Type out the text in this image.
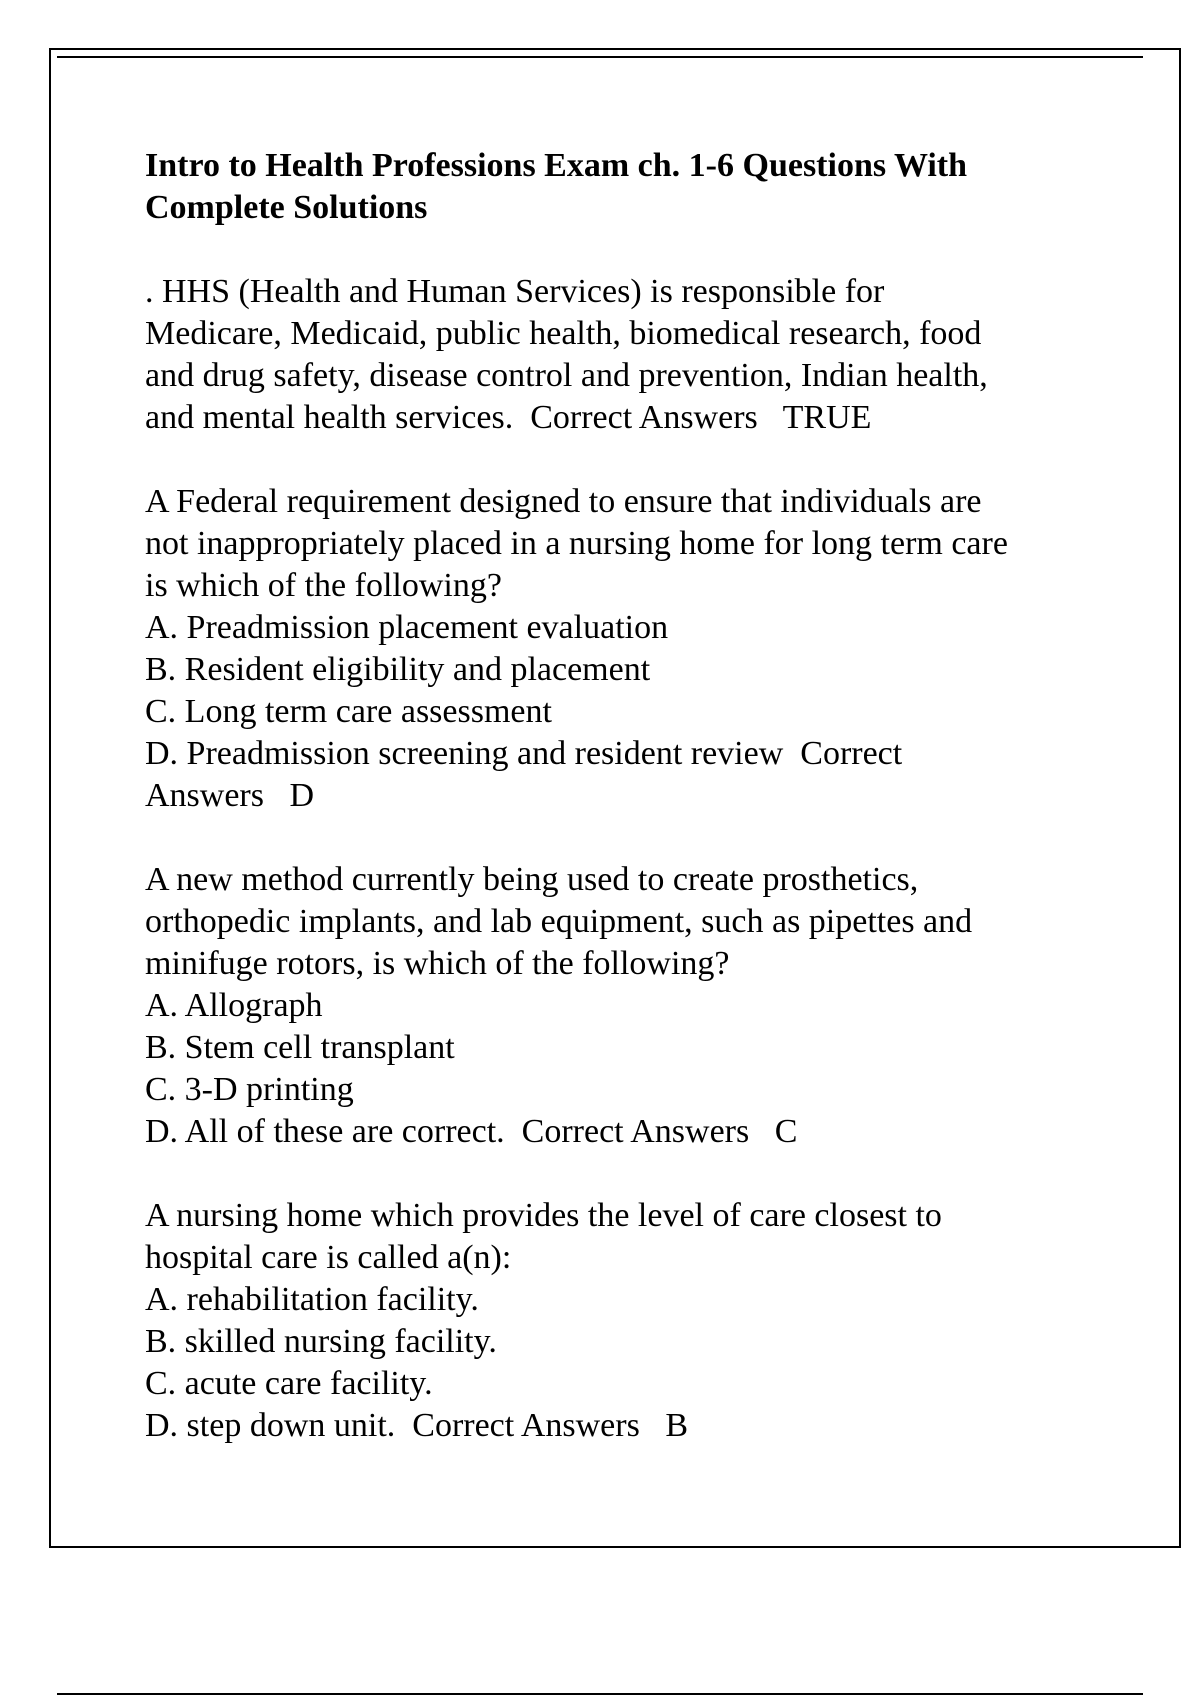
Intro to Health Professions Exam ch. 1-6 Questions With
Complete Solutions
. HHS (Health and Human Services) is responsible for
Medicare, Medicaid, public health, biomedical research, food
and drug safety, disease control and prevention, Indian health,
and mental health services.  Correct Answers   TRUE
A Federal requirement designed to ensure that individuals are
not inappropriately placed in a nursing home for long term care
is which of the following?
A. Preadmission placement evaluation
B. Resident eligibility and placement
C. Long term care assessment
D. Preadmission screening and resident review  Correct
Answers   D
A new method currently being used to create prosthetics,
orthopedic implants, and lab equipment, such as pipettes and
minifuge rotors, is which of the following?
A. Allograph
B. Stem cell transplant
C. 3-D printing
D. All of these are correct.  Correct Answers   C
A nursing home which provides the level of care closest to
hospital care is called a(n):
A. rehabilitation facility.
B. skilled nursing facility.
C. acute care facility.
D. step down unit.  Correct Answers   B
